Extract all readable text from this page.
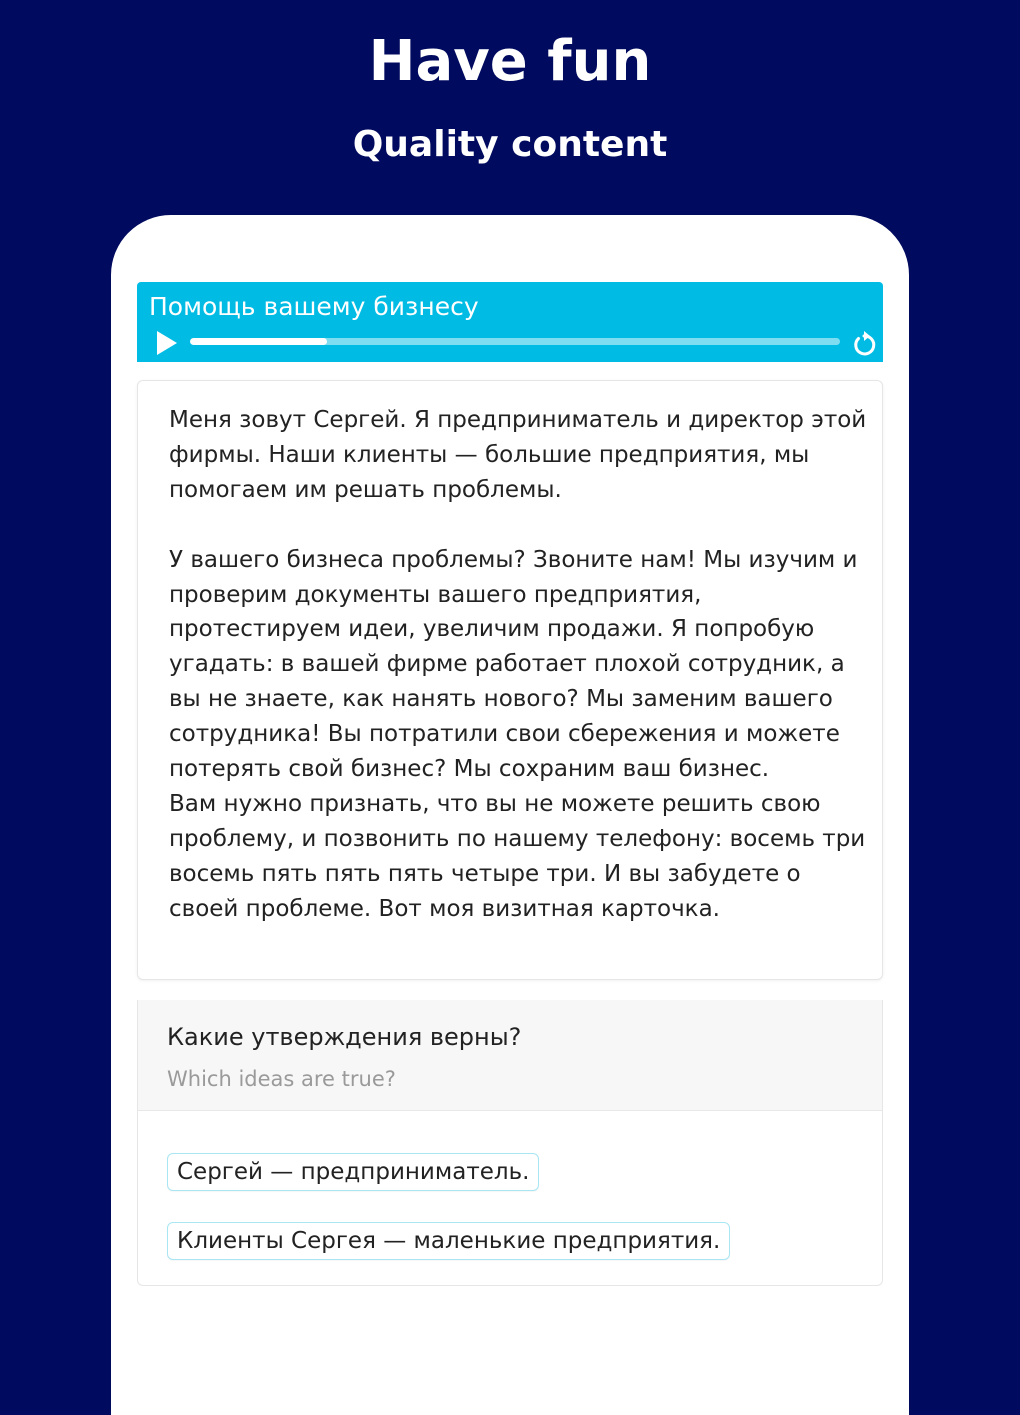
Have fun
Quality content
Помощь вашему бизнесу

Меня зовут Сергей. Я предприниматель и директор этой фирмы. Наши клиенты — большие предприятия, мы помогаем им решать проблемы.

У вашего бизнеса проблемы? Звоните нам! Мы изучим и проверим документы вашего предприятия, протестируем идеи, увеличим продажи. Я попробую угадать: в вашей фирме работает плохой сотрудник, а вы не знаете, как нанять нового? Мы заменим вашего сотрудника! Вы потратили свои сбережения и можете потерять свой бизнес? Мы сохраним ваш бизнес.

Вам нужно признать, что вы не можете решить свою проблему, и позвонить по нашему телефону: восемь три восемь пять пять пять четыре три. И вы забудете о своей проблеме. Вот моя визитная карточка.

Какие утверждения верны?
Which ideas are true?
Сергей — предприниматель.
Клиенты Сергея — маленькие предприятия.
